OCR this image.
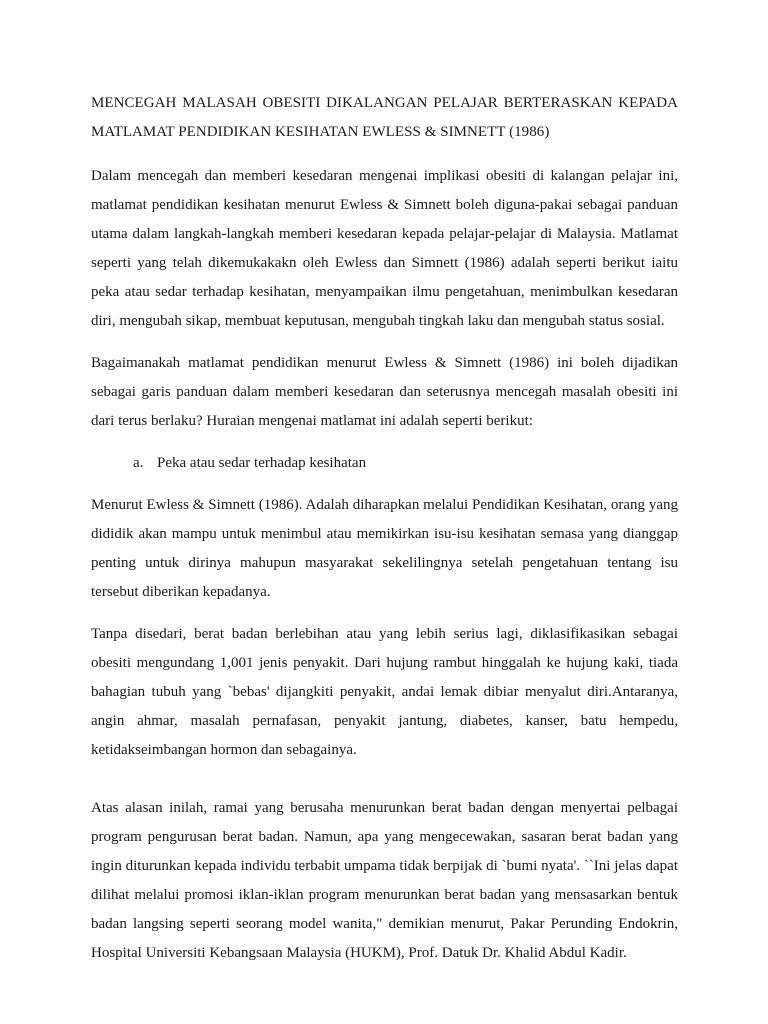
MENCEGAH MALASAH OBESITI DIKALANGAN PELAJAR BERTERASKAN KEPADA MATLAMAT PENDIDIKAN KESIHATAN EWLESS & SIMNETT (1986)

Dalam mencegah dan memberi kesedaran mengenai implikasi obesiti di kalangan pelajar ini, matlamat pendidikan kesihatan menurut Ewless & Simnett boleh diguna-pakai sebagai panduan utama dalam langkah-langkah memberi kesedaran kepada pelajar-pelajar di Malaysia. Matlamat seperti yang telah dikemukakakn oleh Ewless dan Simnett (1986) adalah seperti berikut iaitu peka atau sedar terhadap kesihatan, menyampaikan ilmu pengetahuan, menimbulkan kesedaran diri, mengubah sikap, membuat keputusan, mengubah tingkah laku dan mengubah status sosial.

Bagaimanakah matlamat pendidikan menurut Ewless & Simnett (1986) ini boleh dijadikan sebagai garis panduan dalam memberi kesedaran dan seterusnya mencegah masalah obesiti ini dari terus berlaku? Huraian mengenai matlamat ini adalah seperti berikut:

a. Peka atau sedar terhadap kesihatan

Menurut Ewless & Simnett (1986). Adalah diharapkan melalui Pendidikan Kesihatan, orang yang dididik akan mampu untuk menimbul atau memikirkan isu-isu kesihatan semasa yang dianggap penting untuk dirinya mahupun masyarakat sekelilingnya setelah pengetahuan tentang isu tersebut diberikan kepadanya.

Tanpa disedari, berat badan berlebihan atau yang lebih serius lagi, diklasifikasikan sebagai obesiti mengundang 1,001 jenis penyakit. Dari hujung rambut hinggalah ke hujung kaki, tiada bahagian tubuh yang `bebas' dijangkiti penyakit, andai lemak dibiar menyalut diri.Antaranya, angin ahmar, masalah pernafasan, penyakit jantung, diabetes, kanser, batu hempedu, ketidakseimbangan hormon dan sebagainya.

Atas alasan inilah, ramai yang berusaha menurunkan berat badan dengan menyertai pelbagai program pengurusan berat badan. Namun, apa yang mengecewakan, sasaran berat badan yang ingin diturunkan kepada individu terbabit umpama tidak berpijak di `bumi nyata'. ``Ini jelas dapat dilihat melalui promosi iklan-iklan program menurunkan berat badan yang mensasarkan bentuk badan langsing seperti seorang model wanita," demikian menurut, Pakar Perunding Endokrin, Hospital Universiti Kebangsaan Malaysia (HUKM), Prof. Datuk Dr. Khalid Abdul Kadir.
